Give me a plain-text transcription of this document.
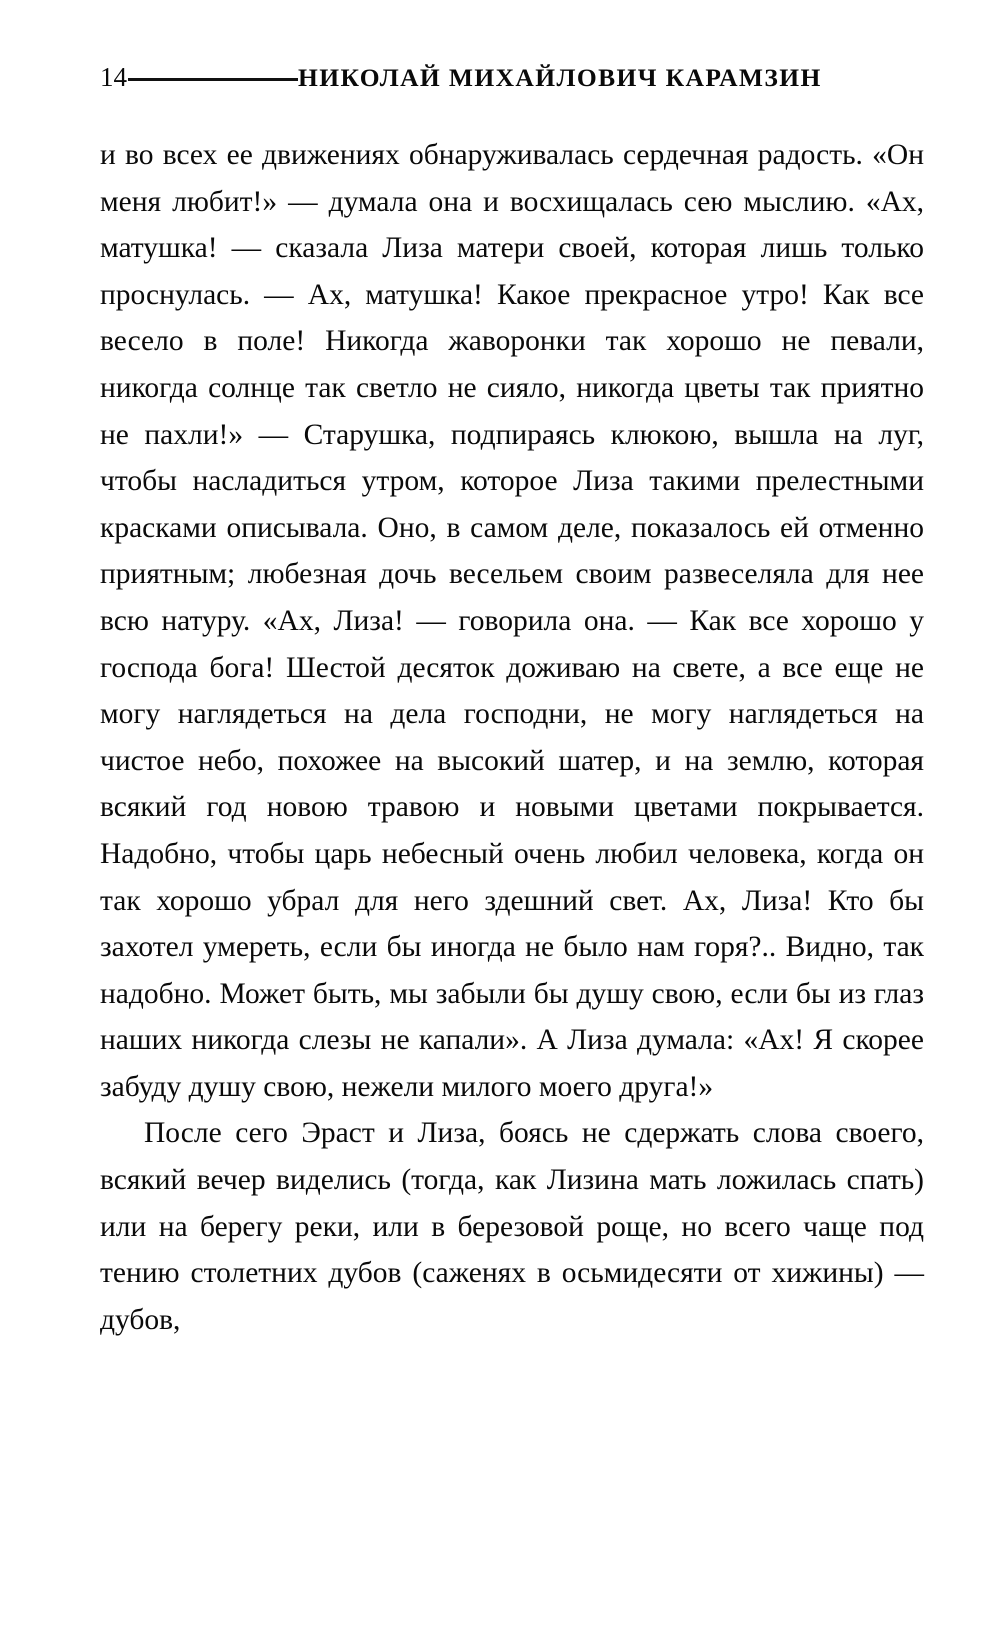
14	НИКОЛАЙ МИХАЙЛОВИЧ КАРАМЗИН

и во всех ее движениях обнаруживалась сердечная радость. «Он меня любит!» — думала она и восхищалась сею мыслию. «Ах, матушка! — сказала Лиза матери своей, которая лишь только проснулась. — Ах, матушка! Какое прекрасное утро! Как все весело в поле! Никогда жаворонки так хорошо не певали, никогда солнце так светло не сияло, никогда цветы так приятно не пахли!» — Старушка, подпираясь клюкою, вышла на луг, чтобы насладиться утром, которое Лиза такими прелестными красками описывала. Оно, в самом деле, показалось ей отменно приятным; любезная дочь весельем своим развеселяла для нее всю натуру. «Ах, Лиза! — говорила она. — Как все хорошо у господа бога! Шестой десяток доживаю на свете, а все еще не могу наглядеться на дела господни, не могу наглядеться на чистое небо, похожее на высокий шатер, и на землю, которая всякий год новою травою и новыми цветами покрывается. Надобно, чтобы царь небесный очень любил человека, когда он так хорошо убрал для него здешний свет. Ах, Лиза! Кто бы захотел умереть, если бы иногда не было нам горя?.. Видно, так надобно. Может быть, мы забыли бы душу свою, если бы из глаз наших никогда слезы не капали». А Лиза думала: «Ах! Я скорее забуду душу свою, нежели милого моего друга!»

После сего Эраст и Лиза, боясь не сдержать слова своего, всякий вечер виделись (тогда, как Лизина мать ложилась спать) или на берегу реки, или в березовой роще, но всего чаще под тению столетних дубов (саженях в осьмидесяти от хижины) — дубов,
